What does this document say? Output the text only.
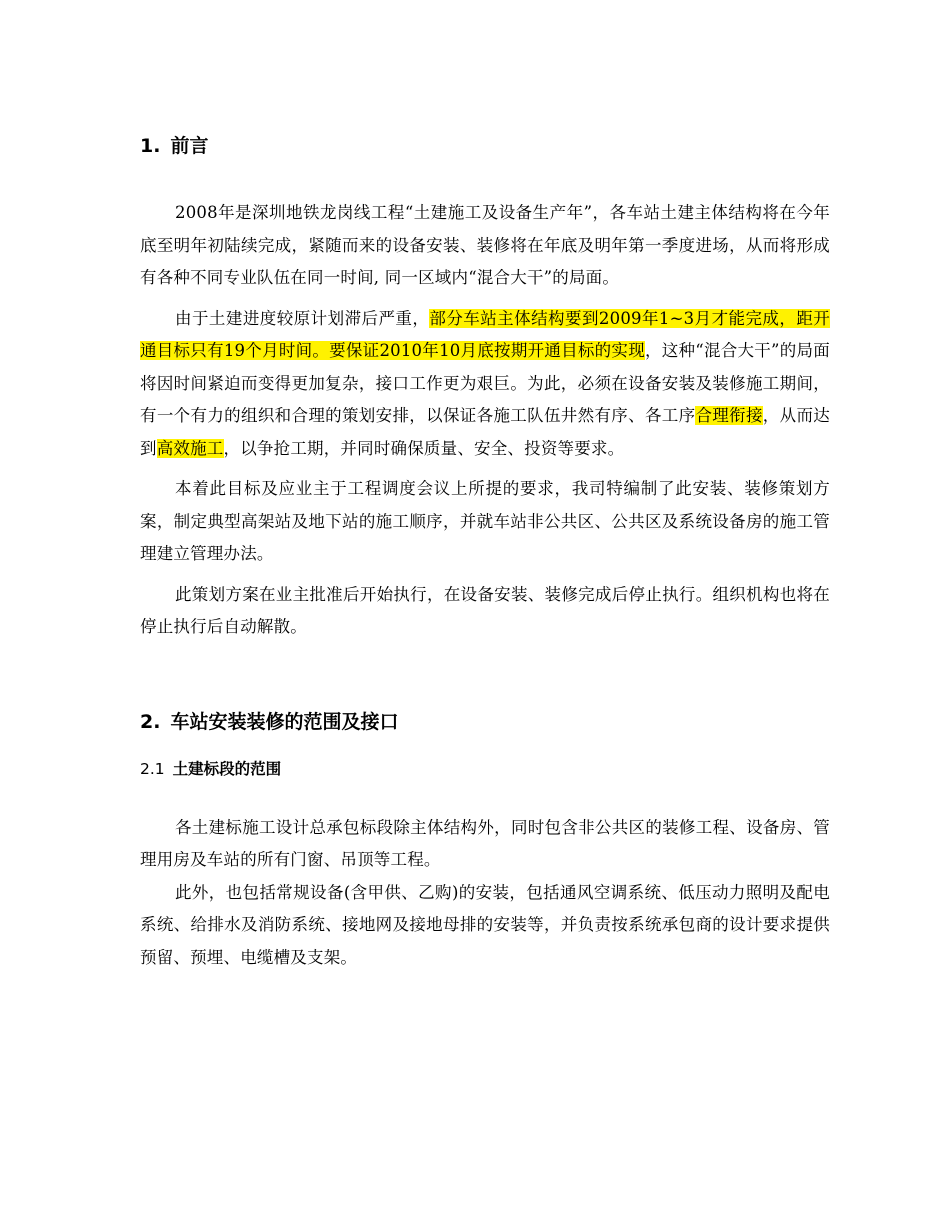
1. 前言

2008年是深圳地铁龙岗线工程“土建施工及设备生产年”，各车站土建主体结构将在今年底至明年初陆续完成，紧随而来的设备安装、装修将在年底及明年第一季度进场，从而将形成有各种不同专业队伍在同一时间, 同一区域内“混合大干”的局面。

由于土建进度较原计划滞后严重，部分车站主体结构要到2009年1~3月才能完成，距开通目标只有19个月时间。要保证2010年10月底按期开通目标的实现，这种“混合大干”的局面将因时间紧迫而变得更加复杂，接口工作更为艰巨。为此，必须在设备安装及装修施工期间，有一个有力的组织和合理的策划安排，以保证各施工队伍井然有序、各工序合理衔接，从而达到高效施工，以争抢工期，并同时确保质量、安全、投资等要求。

本着此目标及应业主于工程调度会议上所提的要求，我司特编制了此安装、装修策划方案，制定典型高架站及地下站的施工顺序，并就车站非公共区、公共区及系统设备房的施工管理建立管理办法。

此策划方案在业主批准后开始执行，在设备安装、装修完成后停止执行。组织机构也将在停止执行后自动解散。

2. 车站安装装修的范围及接口
2.1 土建标段的范围

各土建标施工设计总承包标段除主体结构外，同时包含非公共区的装修工程、设备房、管理用房及车站的所有门窗、吊顶等工程。

此外，也包括常规设备(含甲供、乙购)的安装，包括通风空调系统、低压动力照明及配电系统、给排水及消防系统、接地网及接地母排的安装等，并负责按系统承包商的设计要求提供预留、预埋、电缆槽及支架。
